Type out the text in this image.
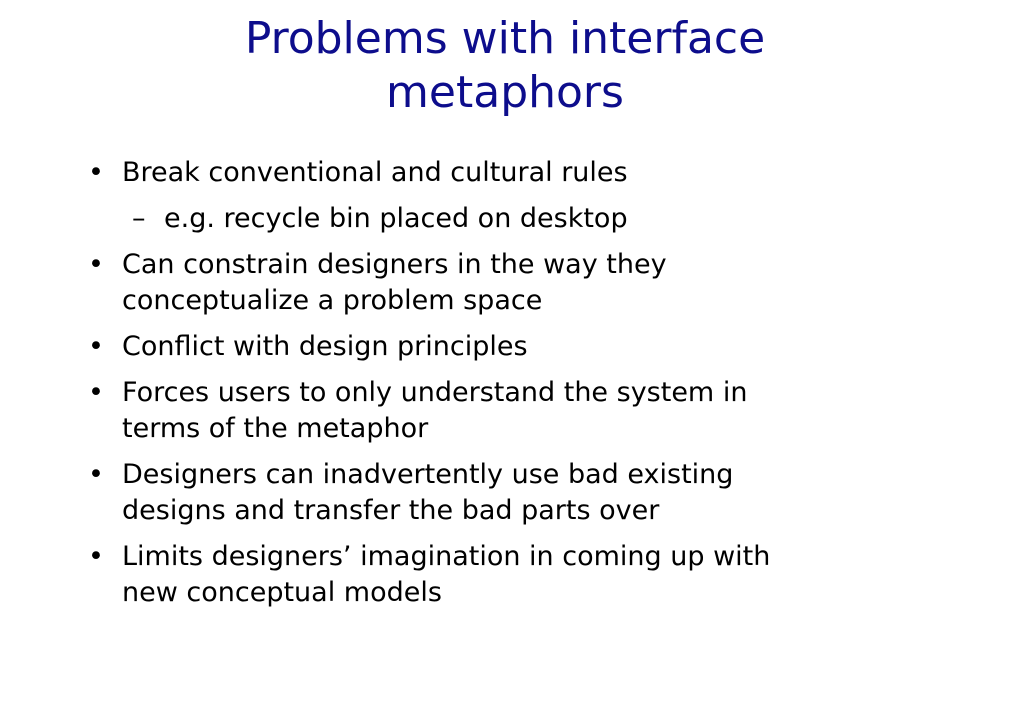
Problems with interface
metaphors
• Break conventional and cultural rules
– e.g. recycle bin placed on desktop
• Can constrain designers in the way they
conceptualize a problem space
• Conflict with design principles
• Forces users to only understand the system in
terms of the metaphor
• Designers can inadvertently use bad existing
designs and transfer the bad parts over
• Limits designers’ imagination in coming up with
new conceptual models
